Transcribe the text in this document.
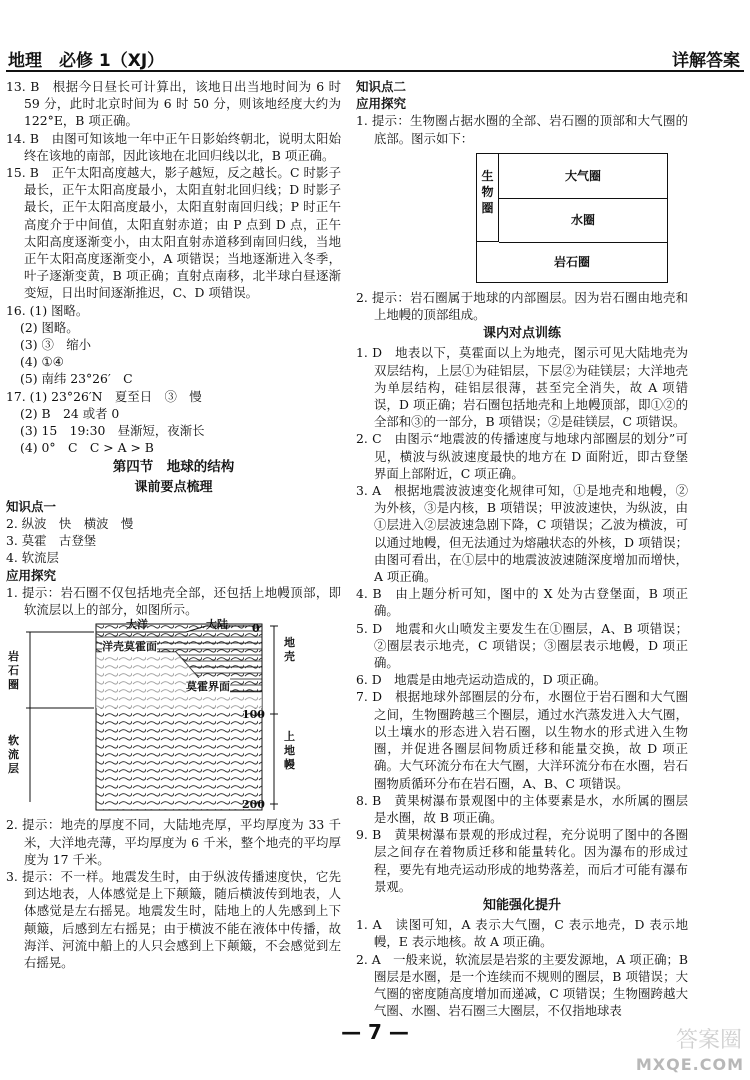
地理　必修 1（XJ）	详解答案

13. B　根据今日昼长可计算出，该地日出当地时间为 6 时 59 分，此时北京时间为 6 时 50 分，则该地经度大约为 122°E，B 项正确。

14. B　由图可知该地一年中正午日影始终朝北，说明太阳始终在该地的南部，因此该地在北回归线以北，B 项正确。

15. B　正午太阳高度越大，影子越短，反之越长。C 时影子最长，正午太阳高度最小，太阳直射北回归线；D 时影子最长，正午太阳高度最小，太阳直射南回归线；P 时正午高度介于中间值，太阳直射赤道；由 P 点到 D 点，正午太阳高度逐渐变小，由太阳直射赤道移到南回归线，当地正午太阳高度逐渐变小，A 项错误；当地逐渐进入冬季，叶子逐渐变黄，B 项正确；直射点南移，北半球白昼逐渐变短，日出时间逐渐推迟，C、D 项错误。

16. (1) 图略。

(2) 图略。

(3) ③　缩小

(4) ①④

(5) 南纬 23°26′　C

17. (1) 23°26′N　夏至日　③　慢

(2) B　24 或者 0

(3) 15　19:30　昼渐短，夜渐长

(4) 0°　C　C > A > B

第四节　地球的结构
课前要点梳理

知识点一

2. 纵波　快　横波　慢

3. 莫霍　古登堡

4. 软流层

应用探究

1. 提示：岩石圈不仅包括地壳全部，还包括上地幔顶部，即软流层以上的部分，如图所示。

大洋	大陆 0
洋壳莫霍面
莫霍界面
岩石圈
软流层
地壳
上地幔
100
200

2. 提示：地壳的厚度不同，大陆地壳厚，平均厚度为 33 千米，大洋地壳薄，平均厚度为 6 千米，整个地壳的平均厚度为 17 千米。

3. 提示：不一样。地震发生时，由于纵波传播速度快，它先到达地表，人体感觉是上下颠簸，随后横波传到地表，人体感觉是左右摇晃。地震发生时，陆地上的人先感到上下颠簸，后感到左右摇晃；由于横波不能在液体中传播，故海洋、河流中船上的人只会感到上下颠簸，不会感觉到左右摇晃。

知识点二

应用探究

1. 提示：生物圈占据水圈的全部、岩石圈的顶部和大气圈的底部。图示如下：

生物圈
大气圈
水圈
岩石圈

2. 提示：岩石圈属于地球的内部圈层。因为岩石圈由地壳和上地幔的顶部组成。

课内对点训练

1. D　地表以下，莫霍面以上为地壳，图示可见大陆地壳为双层结构，上层①为硅铝层，下层②为硅镁层；大洋地壳为单层结构，硅铝层很薄，甚至完全消失，故 A 项错误，D 项正确；岩石圈包括地壳和上地幔顶部，即①②的全部和③的一部分，B 项错误；②是硅镁层，C 项错误。

2. C　由图示“地震波的传播速度与地球内部圈层的划分”可见，横波与纵波速度最快的地方在 D 面附近，即古登堡界面上部附近，C 项正确。

3. A　根据地震波波速变化规律可知，①是地壳和地幔，②为外核，③是内核，B 项错误；甲波波速快，为纵波，由①层进入②层波速急剧下降，C 项错误；乙波为横波，可以通过地幔，但无法通过为熔融状态的外核，D 项错误；由图可看出，在①层中的地震波波速随深度增加而增快，A 项正确。

4. B　由上题分析可知，图中的 X 处为古登堡面，B 项正确。

5. D　地震和火山喷发主要发生在①圈层，A、B 项错误；②圈层表示地壳，C 项错误；③圈层表示地幔，D 项正确。

6. D　地震是由地壳运动造成的，D 项正确。

7. D　根据地球外部圈层的分布，水圈位于岩石圈和大气圈之间，生物圈跨越三个圈层，通过水汽蒸发进入大气圈，以土壤水的形态进入岩石圈，以生物水的形式进入生物圈，并促进各圈层间物质迁移和能量交换，故 D 项正确。大气环流分布在大气圈，大洋环流分布在水圈，岩石圈物质循环分布在岩石圈，A、B、C 项错误。

8. B　黄果树瀑布景观图中的主体要素是水，水所属的圈层是水圈，故 B 项正确。

9. B　黄果树瀑布景观的形成过程，充分说明了图中的各圈层之间存在着物质迁移和能量转化。因为瀑布的形成过程，要先有地壳运动形成的地势落差，而后才可能有瀑布景观。

知能强化提升

1. A　读图可知，A 表示大气圈，C 表示地壳，D 表示地幔，E 表示地核。故 A 项正确。

2. A　一般来说，软流层是岩浆的主要发源地，A 项正确；B 圈层是水圈，是一个连续而不规则的圈层，B 项错误；大气圈的密度随高度增加而递减，C 项错误；生物圈跨越大气圈、水圈、岩石圈三大圈层，不仅指地球表

— 7 —	答案圈
MXQE.COM
